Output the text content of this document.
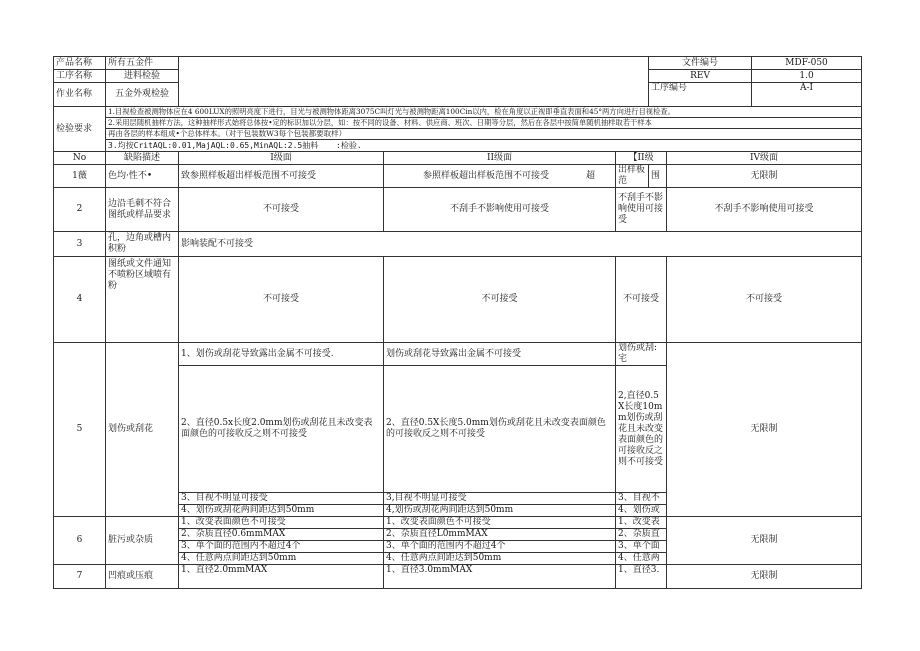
产品名称	所有五金件				文件编号		MDF-050
工序名称	进料检验				REV		1.0
作业名称	五金外观检验				工序编号		A-I
检验要求	1.目视检查被测物体应在4 600LUX的照明亮度下进行，目光与被测物体距离3075C叫灯光与被测物距离100Cin以内，检在角度以正视即垂直表面和45°两方向进行目视检查。
2.采用层随机抽样方法，这种抽样形式始将总体按•定的标识加以分层，如：按不同的设备、材料、供应商、班次、日期等分层，然后在各层中按简单随机抽样取若干样本
再由各层的样本组成•个总体样本。（对于包装数W3每个包装都要取样）
3.均按CritAQL:0.01,MajAQL:0.65,MinAQL:2.5抽料 :检验.						

No	缺陷描述	I级面	II级面	【II级		IV级面	
1薇	色均·性不•	致参照样板超出样板范围不可接受	参照样板超出样板范围不可接受 超	出样板范	围	无限制	
2	边沿毛刺不符合图纸或样品要求	不可接受	不刮手不影响使用可接受	不刮手不影响使用可接受		不刮手不影响使用可接受	
3	孔，边角或槽内积粉	影响装配不可接受					
4	图纸或文件通知不喷粉区域喷有粉	不可接受	不可接受	不可接受		不可接受	
5	划伤或刮花	1、划伤或刮花导致露出金属不可接受.	划伤或刮花导致露出金属不可接受	划伤或刮:宅		无限制	
		2、直径0.5x长度2.0mm划伤或刮花且未改变表面颜色的可接收反之则不可接受	2、直径0.5X长度5.0mm划伤或刮花且未改变表面颜色的可接收反之则不可接受	2,直径0.5X长度10mm划伤或刮花且未改变表面颜色的可接收反之则不可接受			
		3、目视不明显可接受	3,目视不明显可接受	3、目视不			
		4、划伤或刮花两间距达到50mm	4,划伤或刮花两间距达到50mm	4、划伤或			
6	脏污或杂质	1、改变表面颜色不可接受	1、改变表面颜色不可接受	1、改变表		无限制	
		2、杂质直径0.6mmMAX	2、杂质直径L0mmMAX	2、杂质直			
		3、单个面的范围内不超过4个	3、单个面的范围内不超过4个	3、单个面			
		4、任意两点间距达到50mm	4、任意两点间距达到50mm	4、任意两			
7	凹痕或压痕	1、直径2.0mmMAX	1、直径3.0mmMAX	1、直径3.		无限制	
